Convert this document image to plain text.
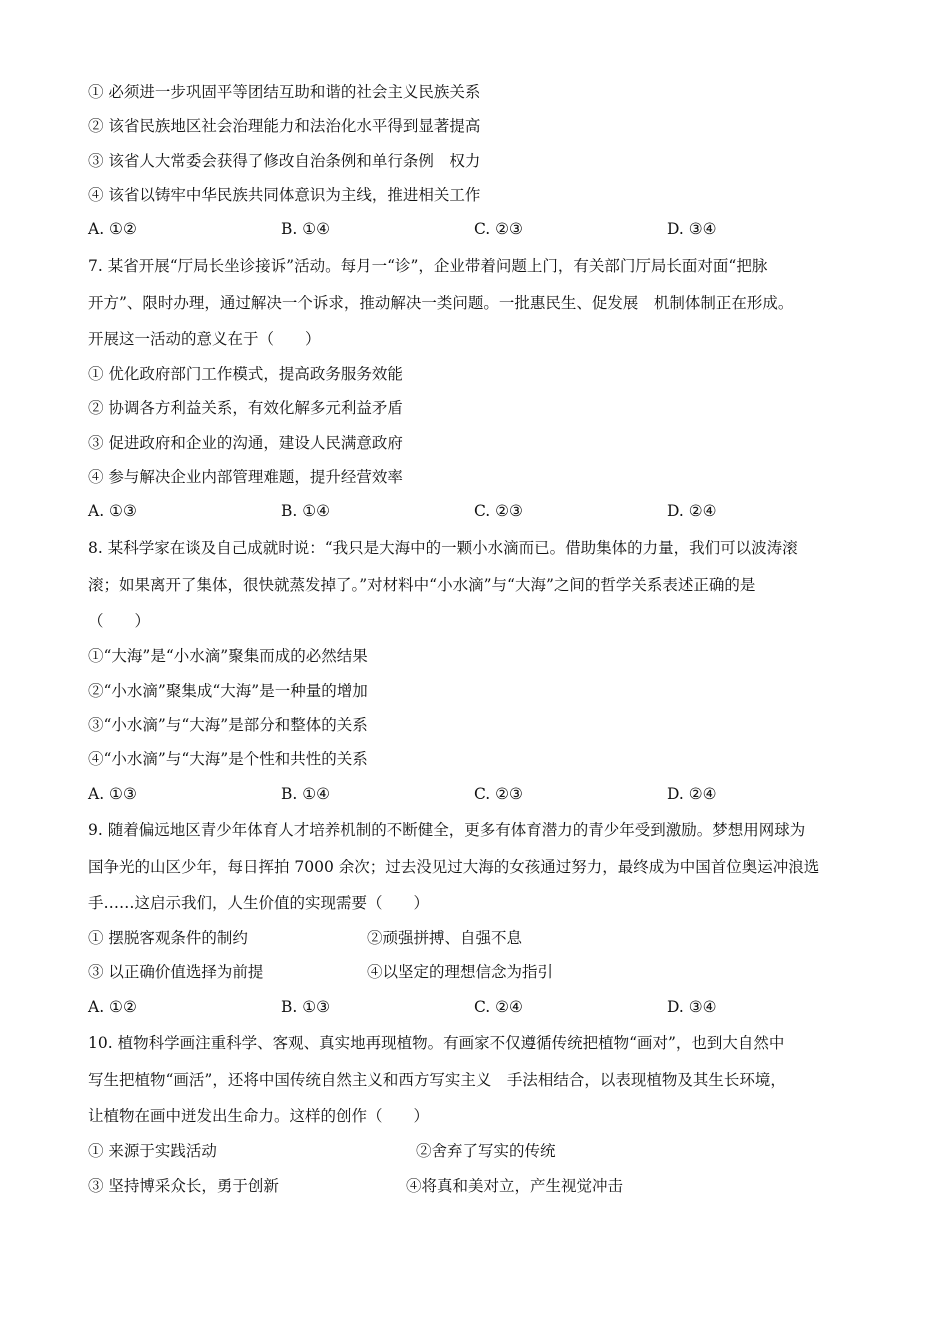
① 必须进一步巩固平等团结互助和谐的社会主义民族关系
② 该省民族地区社会治理能力和法治化水平得到显著提高
③ 该省人大常委会获得了修改自治条例和单行条例　权力
④ 该省以铸牢中华民族共同体意识为主线，推进相关工作
A. ①②	B. ①④	C. ②③	D. ③④
7. 某省开展“厅局长坐诊接诉”活动。每月一“诊”，企业带着问题上门，有关部门厅局长面对面“把脉
开方”、限时办理，通过解决一个诉求，推动解决一类问题。一批惠民生、促发展　机制体制正在形成。
开展这一活动的意义在于（　　）
① 优化政府部门工作模式，提高政务服务效能
② 协调各方利益关系，有效化解多元利益矛盾
③ 促进政府和企业的沟通，建设人民满意政府
④ 参与解决企业内部管理难题，提升经营效率
A. ①③	B. ①④	C. ②③	D. ②④
8. 某科学家在谈及自己成就时说：“我只是大海中的一颗小水滴而已。借助集体的力量，我们可以波涛滚
滚；如果离开了集体，很快就蒸发掉了。”对材料中“小水滴”与“大海”之间的哲学关系表述正确的是
（　　）
①“大海”是“小水滴”聚集而成的必然结果
②“小水滴”聚集成“大海”是一种量的增加
③“小水滴”与“大海”是部分和整体的关系
④“小水滴”与“大海”是个性和共性的关系
A. ①③	B. ①④	C. ②③	D. ②④
9. 随着偏远地区青少年体育人才培养机制的不断健全，更多有体育潜力的青少年受到激励。梦想用网球为
国争光的山区少年，每日挥拍 7000 余次；过去没见过大海的女孩通过努力，最终成为中国首位奥运冲浪选
手……这启示我们，人生价值的实现需要（　　）
① 摆脱客观条件的制约	②顽强拼搏、自强不息
③ 以正确价值选择为前提	④以坚定的理想信念为指引
A. ①②	B. ①③	C. ②④	D. ③④
10. 植物科学画注重科学、客观、真实地再现植物。有画家不仅遵循传统把植物“画对”，也到大自然中
写生把植物“画活”，还将中国传统自然主义和西方写实主义　手法相结合，以表现植物及其生长环境，
让植物在画中迸发出生命力。这样的创作（　　）
① 来源于实践活动	②舍弃了写实的传统
③ 坚持博采众长，勇于创新	④将真和美对立，产生视觉冲击
